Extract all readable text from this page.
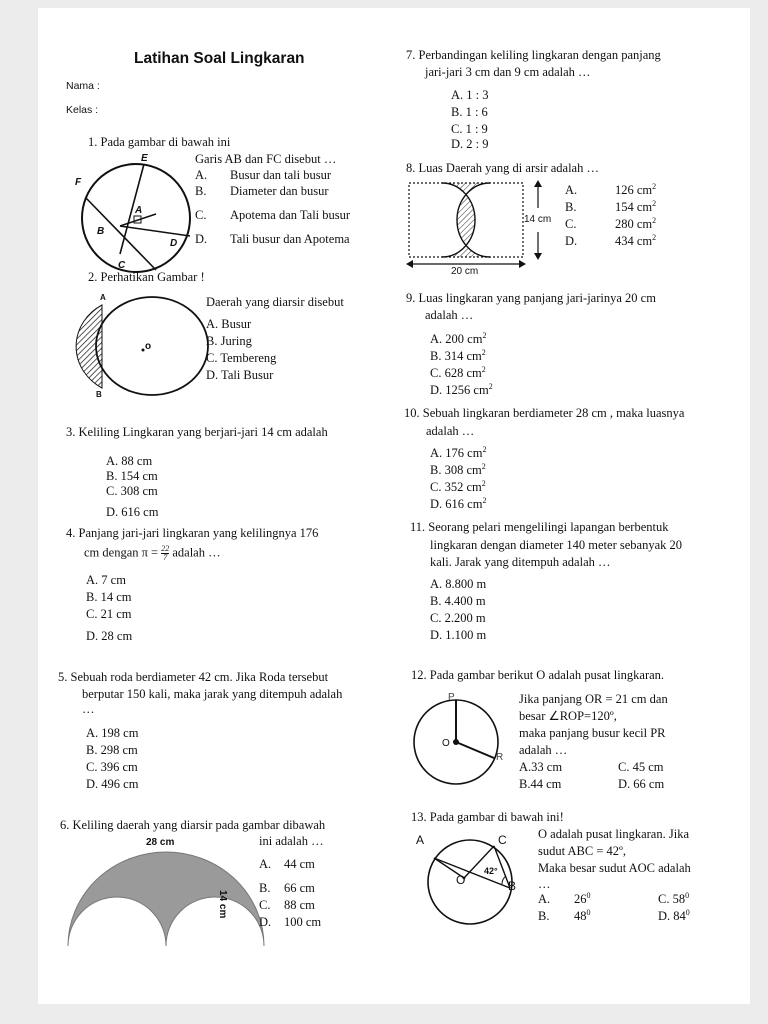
Latihan Soal Lingkaran
Nama :
Kelas :
1. Pada gambar di bawah ini
E
F
A
B
D
C
Garis AB dan FC disebut …
A. Busur dan tali busur
B. Diameter dan busur
C. Apotema dan Tali busur
D. Tali busur dan Apotema
2. Perhatikan Gambar !
A
B
o
Daerah yang diarsir disebut
A. Busur
B. Juring
C. Tembereng
D. Tali Busur
3. Keliling Lingkaran yang berjari-jari 14 cm adalah
A. 88 cm
B. 154 cm
C. 308 cm
D. 616 cm
4. Panjang jari-jari lingkaran yang kelilingnya 176
cm dengan $\pi = \frac{22}{7}$ adalah …
A. 7 cm
B. 14 cm
C. 21 cm
D. 28 cm
5. Sebuah roda berdiameter 42 cm. Jika Roda tersebut
berputar 150 kali, maka jarak yang ditempuh adalah
…
A. 198 cm
B. 298 cm
C. 396 cm
D. 496 cm
6. Keliling daerah yang diarsir pada gambar dibawah
ini adalah …
28 cm
14 cm
A. 44 cm
B. 66 cm
C. 88 cm
D. 100 cm
7. Perbandingan keliling lingkaran dengan panjang
jari-jari 3 cm dan 9 cm adalah …
A. 1 : 3
B. 1 : 6
C. 1 : 9
D. 2 : 9
8. Luas Daerah yang di arsir adalah …
14 cm
20 cm
A.	126 $cm^2$
B.	154 $cm^2$
C.	280 $cm^2$
D.	434 $cm^2$
9. Luas lingkaran yang panjang jari-jarinya 20 cm
adalah …
A. 200 $cm^2$
B. 314 $cm^2$
C. 628 $cm^2$
D. 1256 $cm^2$
10. Sebuah lingkaran berdiameter 28 cm , maka luasnya
adalah …
A. 176 $cm^2$
B. 308 $cm^2$
C. 352 $cm^2$
D. 616 $cm^2$
11. Seorang pelari mengelilingi lapangan berbentuk
lingkaran dengan diameter 140 meter sebanyak 20
kali. Jarak yang ditempuh adalah …
A. 8.800 m
B. 4.400 m
C. 2.200 m
D. 1.100 m
12. Pada gambar berikut O adalah pusat lingkaran.
P
O
R
Jika panjang OR = 21 cm dan
besar ∠ROP=120º,
maka panjang busur kecil PR
adalah …
A.33 cm	C. 45 cm
B.44 cm	D. 66 cm
13. Pada gambar di bawah ini!
A	C
O	B
42°
O adalah pusat lingkaran. Jika
sudut ABC = 42º,
Maka besar sudut AOC adalah
…
A. $26^0$	C. $58^0$
B. $48^0$	D. $84^0$
